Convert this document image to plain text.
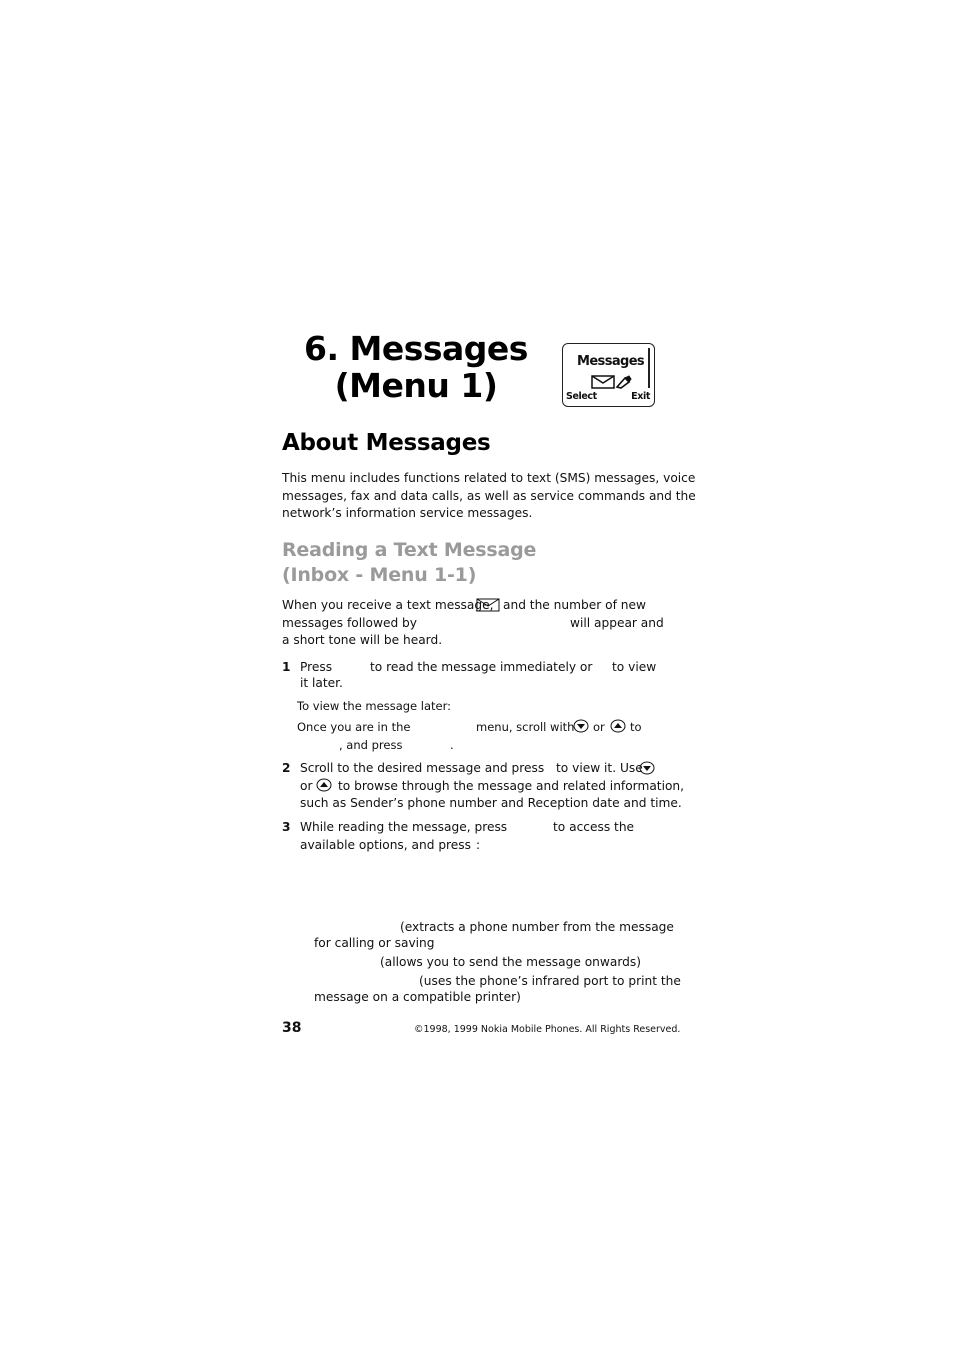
6. Messages
(Menu 1)
Messages
Select	Exit
About Messages
This menu includes functions related to text (SMS) messages, voice
messages, fax and data calls, as well as service commands and the
network’s information service messages.
Reading a Text Message
(Inbox - Menu 1-1)
When you receive a text message, and the number of new
messages followed by	will appear and
a short tone will be heard.
1 Press	to read the message immediately or to view
it later.
To view the message later:
Once you are in the	menu, scroll with or to
, and press	.
2 Scroll to the desired message and press to view it. Use
or to browse through the message and related information,
such as Sender’s phone number and Reception date and time.
3 While reading the message, press	to access the
available options, and press :
(extracts a phone number from the message
for calling or saving
(allows you to send the message onwards)
(uses the phone’s infrared port to print the
message on a compatible printer)
38	©1998, 1999 Nokia Mobile Phones. All Rights Reserved.
